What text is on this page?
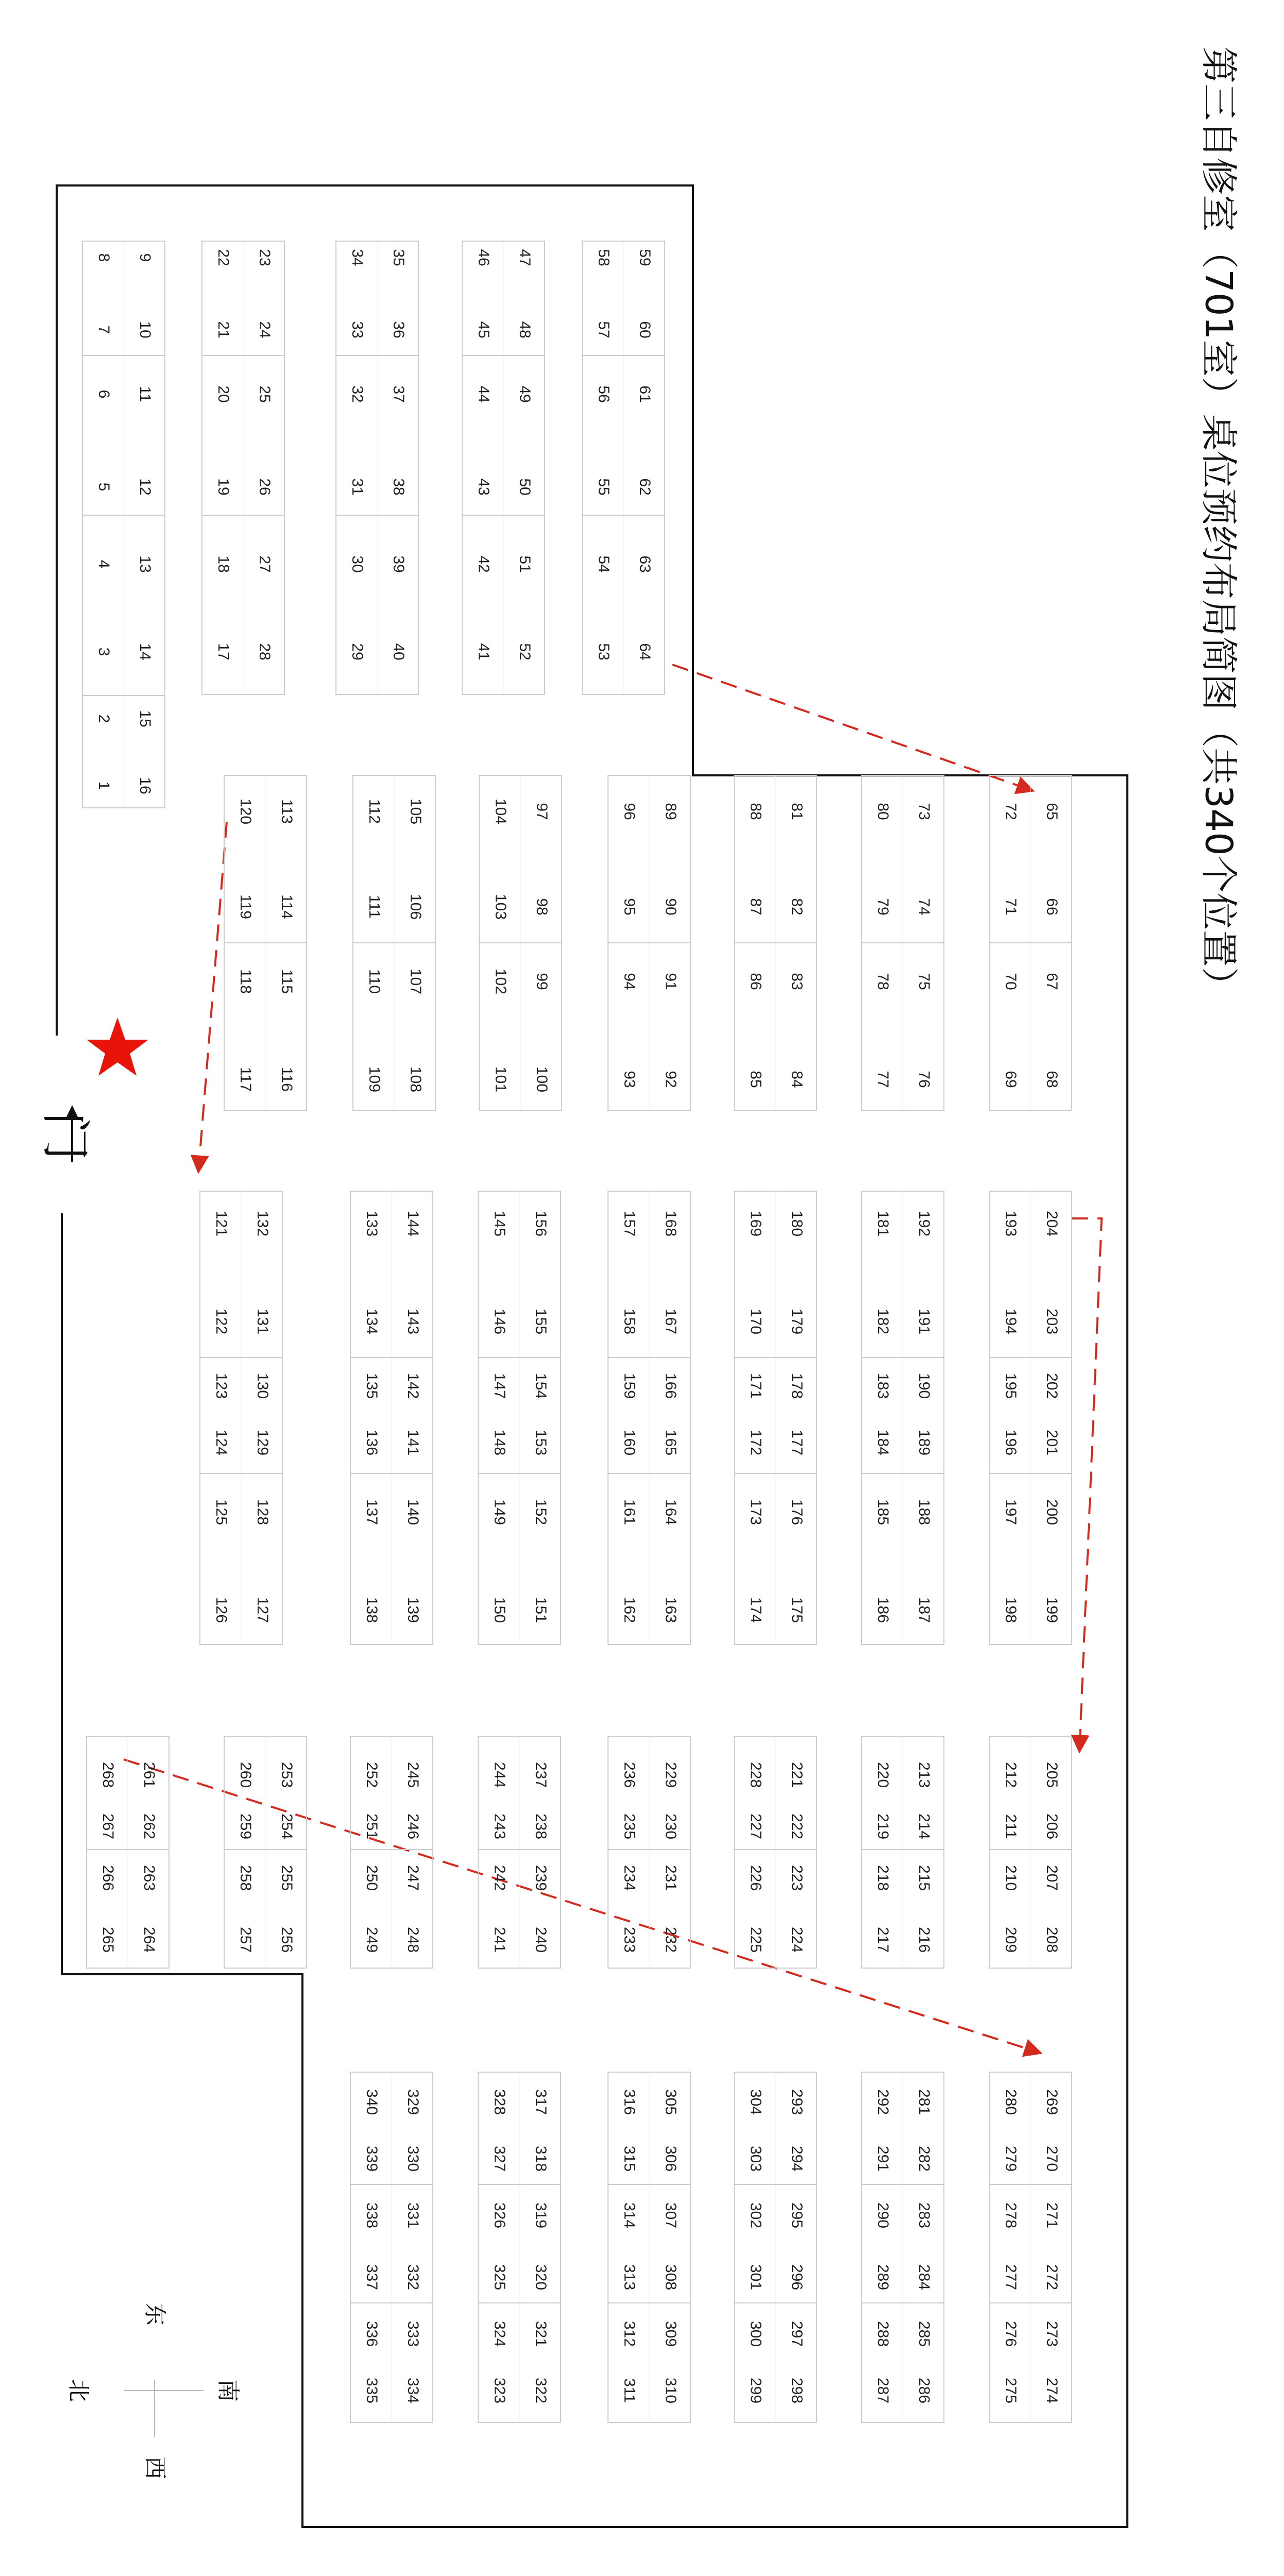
第三自修室（701室）桌位预约布局简图（共340个位置）
门
9
10
11
12
13
14
15
16
8
7
6
5
4
3
2
1
23
24
25
26
27
28
22
21
20
19
18
17
35
36
37
38
39
40
34
33
32
31
30
29
47
48
49
50
51
52
46
45
44
43
42
41
59
60
61
62
63
64
58
57
56
55
54
53
65
66
67
68
72
71
70
69
73
74
75
76
80
79
78
77
81
82
83
84
88
87
86
85
89
90
91
92
96
95
94
93
97
98
99
100
104
103
102
101
105
106
107
108
112
111
110
109
113
114
115
116
120
119
118
117
132
131
130
129
128
127
121
122
123
124
125
126
144
143
142
141
140
139
133
134
135
136
137
138
156
155
154
153
152
151
145
146
147
148
149
150
168
167
166
165
164
163
157
158
159
160
161
162
180
179
178
177
176
175
169
170
171
172
173
174
192
191
190
189
188
187
181
182
183
184
185
186
204
203
202
201
200
199
193
194
195
196
197
198
205
206
207
208
212
211
210
209
213
214
215
216
220
219
218
217
221
222
223
224
228
227
226
225
229
230
231
232
236
235
234
233
237
238
239
240
244
243
242
241
245
246
247
248
252
251
250
249
253
254
255
256
260
259
258
257
261
262
263
264
268
267
266
265
269
270
271
272
273
274
280
279
278
277
276
275
281
282
283
284
285
286
292
291
290
289
288
287
293
294
295
296
297
298
304
303
302
301
300
299
305
306
307
308
309
310
316
315
314
313
312
311
317
318
319
320
321
322
328
327
326
325
324
323
329
330
331
332
333
334
340
339
338
337
336
335
东
南
北
西
